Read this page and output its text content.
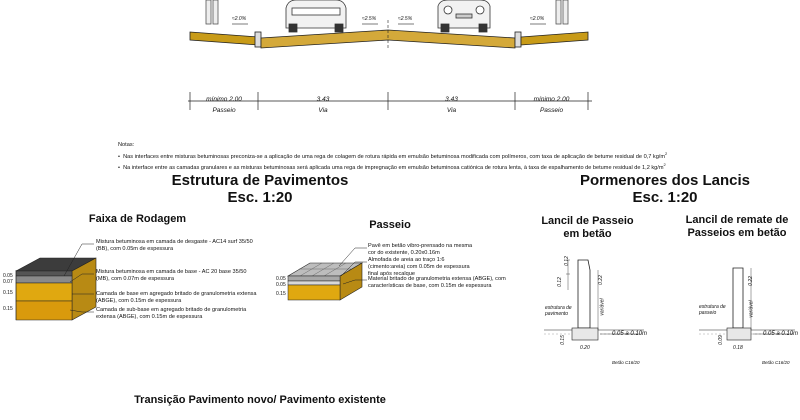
≈2.0%	≈2.5%	≈2.5%	≈2.0%
mínimo 2.00
Passeio
3.43
Via
3.43
Via
mínimo 2.00
Passeio
Notas:
•  Nas interfaces entre misturas betuminosas preconiza-se a aplicação de uma rega de colagem de rotura rápida em emulsão betuminosa modificada com polímeros, com taxa de aplicação de betume residual de 0,7 $kg/m^2$
•  Na interface entre as camadas granulares e as misturas betuminosas será aplicada uma rega de impregnação em emulsão betuminosa catiónica de rotura lenta, à taxa de espalhamento de betume residual de 1,2 $kg/m^2$
Estrutura de Pavimentos
Esc. 1:20
Pormenores dos Lancis
Esc. 1:20
Faixa de Rodagem	Passeio	Lancil de Passeio em betão
Lancil de remate de Passeios em betão
0.05
0.07
0.15
0.15
Mistura betuminosa em camada de desgaste - AC14 surf 35/50 (BB), com 0.05m de espessura
Mistura betuminosa em camada de base - AC 20 base 35/50 (MB), com 0.07m de espessura
Camada de base em agregado britado de granulometria extensa (ABGE), com 0.15m de espessura
Camada de sub-base em agregado britado de granulometria extensa (ABGE), com 0.15m de espessura
0.05
0.05
0.15
Pavê em betão vibro-prensado na mesma cor do existente, 0.20x0.16m
Almofada de areia ao traço 1:6 (cimento:areia) com 0.05m de espessura final após recalque
Material britado de granulometria extensa (ABGE), com características de base, com 0.15m de espessura
0.12
0.12	0.22
variável
estrutura de pavimento
0.05 a 0.10m
0.15
0.20
Betão C16/20
0.22
variável
estrutura de passeio
0.05 a 0.10m
0.09
0.18
Betão C16/20
Transição Pavimento novo/ Pavimento existente
